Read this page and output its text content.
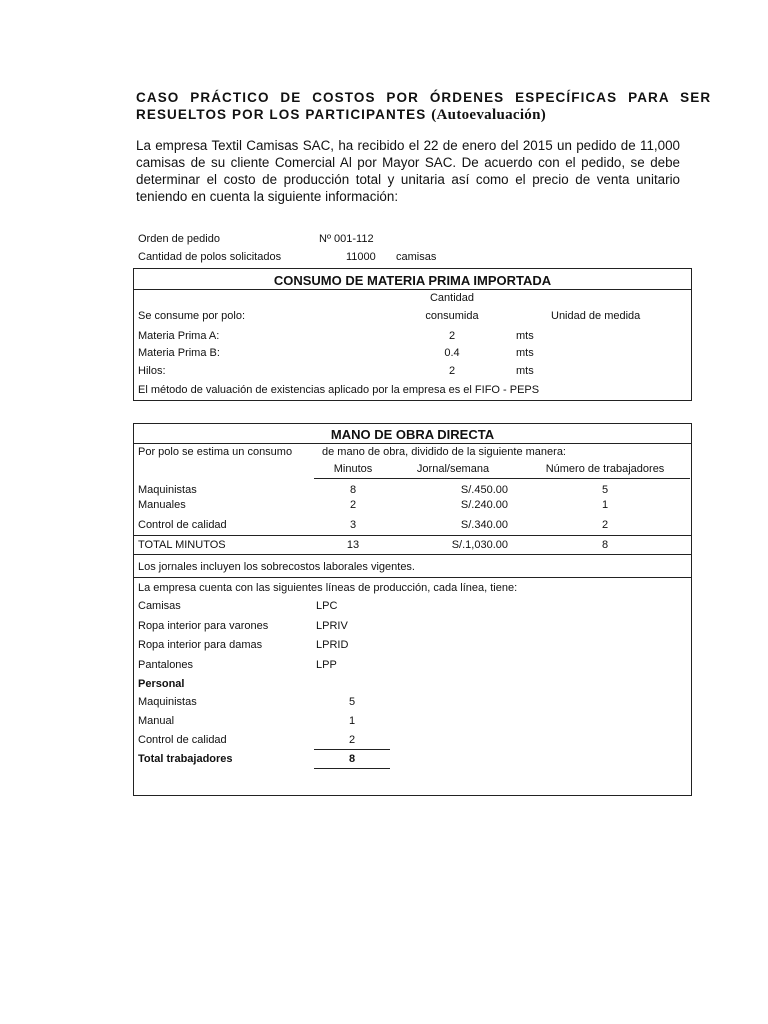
CASO PRÁCTICO DE COSTOS POR ÓRDENES ESPECÍFICAS PARA SER
RESUELTOS POR LOS PARTICIPANTES (Autoevaluación)
La empresa Textil Camisas SAC, ha recibido el 22 de enero del 2015 un pedido de 11,000 camisas de su cliente Comercial Al por Mayor SAC. De acuerdo con el pedido, se debe determinar el costo de producción total y unitaria así como el precio de venta unitario teniendo en cuenta la siguiente información:
Orden de pedido	Nº 001-112
Cantidad de polos solicitados	11000 camisas
CONSUMO DE MATERIA PRIMA IMPORTADA
Cantidad
consumida	Unidad de medida
Se consume por polo:
Materia Prima A:	2	mts
Materia Prima B:	0.4	mts
Hilos:	2	mts
El método de valuación de existencias aplicado por la empresa es el FIFO - PEPS
MANO DE OBRA DIRECTA
Por polo se estima un consumo	de mano de obra, dividido de la siguiente manera:
Minutos	Jornal/semana	Número de trabajadores
Maquinistas	8	S/.450.00	5
Manuales	2	S/.240.00	1
Control de calidad	3	S/.340.00	2
TOTAL MINUTOS	13	S/.1,030.00	8
Los jornales incluyen los sobrecostos laborales vigentes.
La empresa cuenta con las siguientes líneas de producción, cada línea, tiene:
Camisas	LPC
Ropa interior para varones	LPRIV
Ropa interior para damas	LPRID
Pantalones	LPP
Personal
Maquinistas	5
Manual	1
Control de calidad	2
Total trabajadores	8
